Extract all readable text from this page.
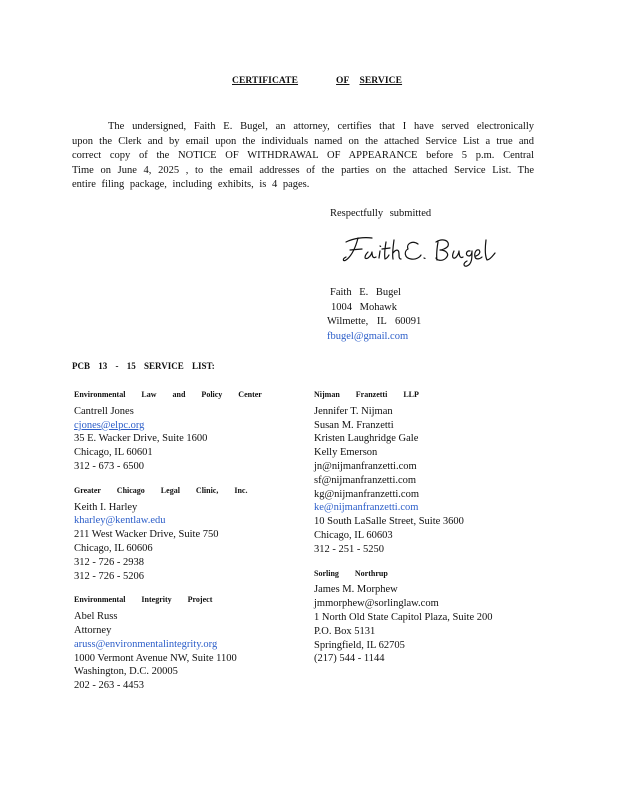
CERTIFICATE	OF SERVICE
The undersigned, Faith E. Bugel, an attorney, certifies that I have served electronically
upon the Clerk and by email upon the individuals named on the attached Service List a true and
correct copy of the NOTICE OF WITHDRAWAL OF APPEARANCE before 5 p.m. Central
Time on June 4, 2025 , to the email addresses of the parties on the attached Service List. The
entire filing package, including exhibits, is 4 pages.
Respectfully submitted
Faith E. Bugel
1004 Mohawk
Wilmette, IL 60091
fbugel@gmail.com
PCB 13 - 15 SERVICE LIST:
Environmental Law and Policy Center
Cantrell Jones
cjones@elpc.org
35 E. Wacker Drive, Suite 1600
Chicago, IL 60601
312 - 673 - 6500
Greater Chicago Legal Clinic, Inc.
Keith I. Harley
kharley@kentlaw.edu
211 West Wacker Drive, Suite 750
Chicago, IL 60606
312 - 726 - 2938
312 - 726 - 5206
Environmental Integrity Project
Abel Russ
Attorney
aruss@environmentalintegrity.org
1000 Vermont Avenue NW, Suite 1100
Washington, D.C. 20005
202 - 263 - 4453
Nijman Franzetti LLP
Jennifer T. Nijman
Susan M. Franzetti
Kristen Laughridge Gale
Kelly Emerson
jn@nijmanfranzetti.com
sf@nijmanfranzetti.com
kg@nijmanfranzetti.com
ke@nijmanfranzetti.com
10 South LaSalle Street, Suite 3600
Chicago, IL 60603
312 - 251 - 5250
Sorling Northrup
James M. Morphew
jmmorphew@sorlinglaw.com
1 North Old State Capitol Plaza, Suite 200
P.O. Box 5131
Springfield, IL 62705
(217) 544 - 1144
